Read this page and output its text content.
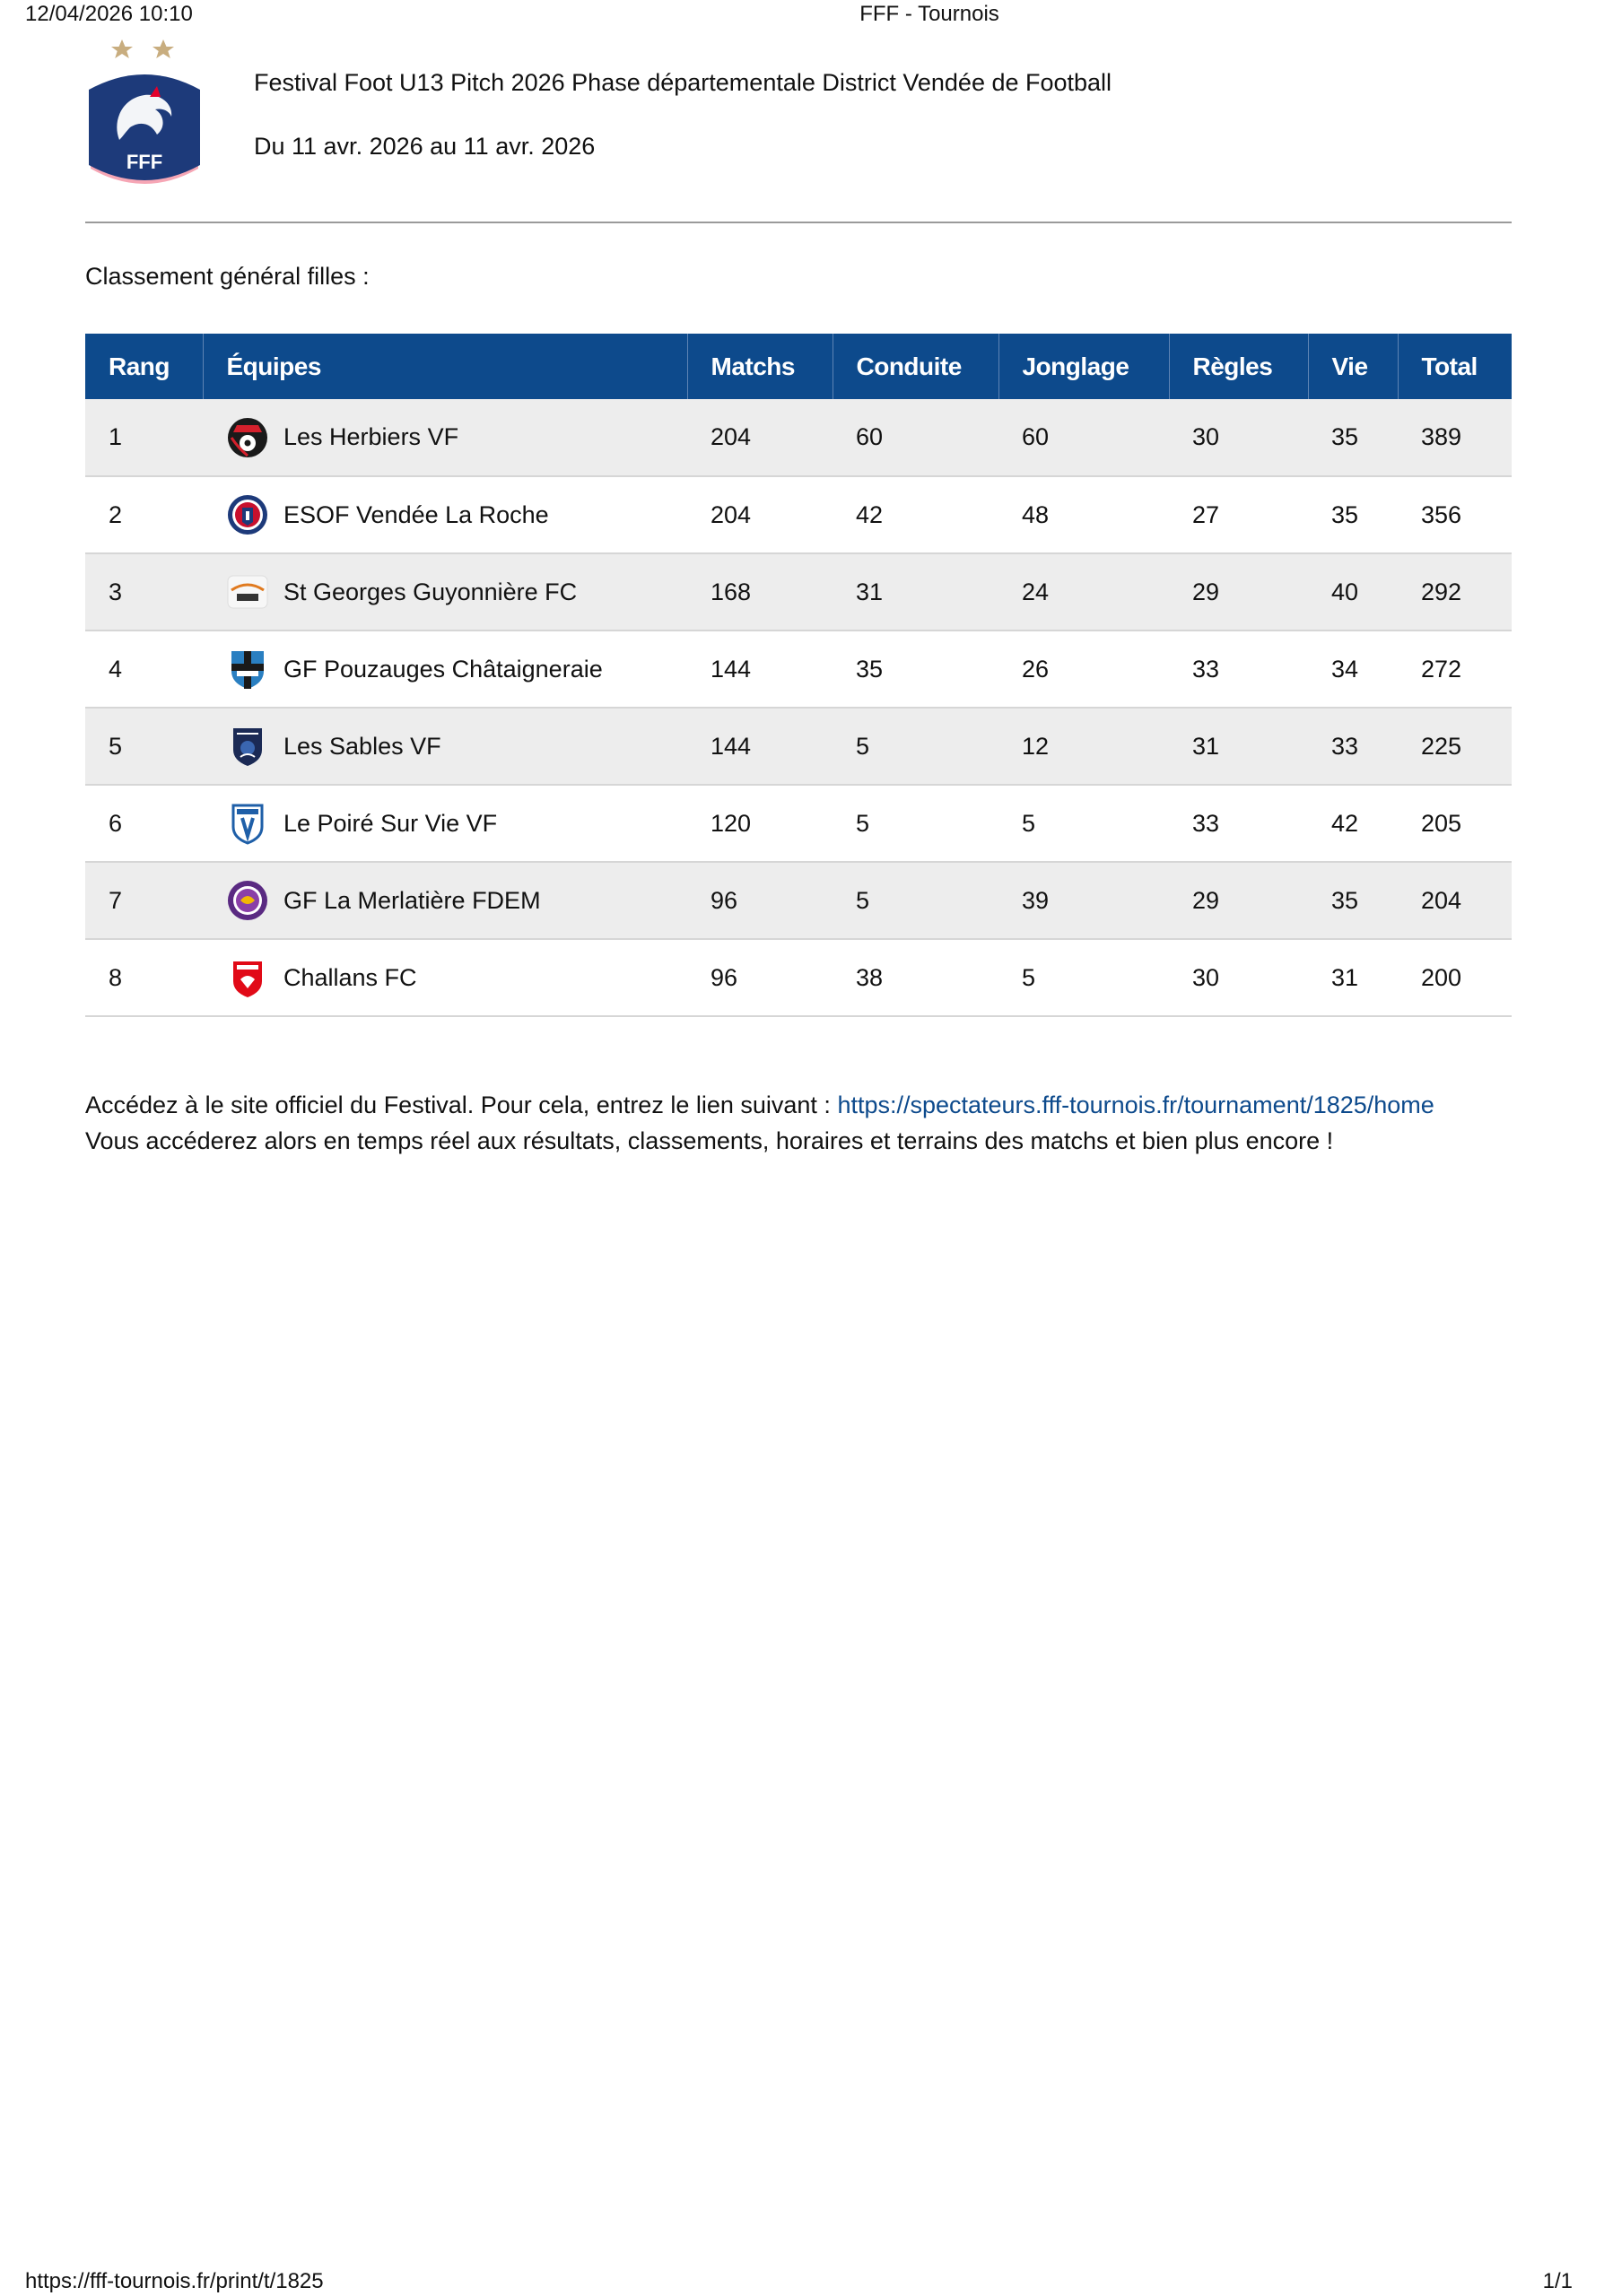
12/04/2026 10:10	FFF - Tournois
FFF
Festival Foot U13 Pitch 2026 Phase départementale District Vendée de Football
Du 11 avr. 2026 au 11 avr. 2026
Classement général filles :
Rang	Équipes	Matchs	Conduite	Jonglage	Règles	Vie	Total
1	Les Herbiers VF	204	60	60	30	35	389
2	ESOF Vendée La Roche	204	42	48	27	35	356
3	St Georges Guyonnière FC	168	31	24	29	40	292
4	GF Pouzauges Châtaigneraie	144	35	26	33	34	272
5	Les Sables VF	144	5	12	31	33	225
6	Le Poiré Sur Vie VF	120	5	5	33	42	205
7	GF La Merlatière FDEM	96	5	39	29	35	204
8	Challans FC	96	38	5	30	31	200
Accédez à le site officiel du Festival. Pour cela, entrez le lien suivant : https://spectateurs.fff-tournois.fr/tournament/1825/home
Vous accéderez alors en temps réel aux résultats, classements, horaires et terrains des matchs et bien plus encore !
https://fff-tournois.fr/print/t/1825	1/1
